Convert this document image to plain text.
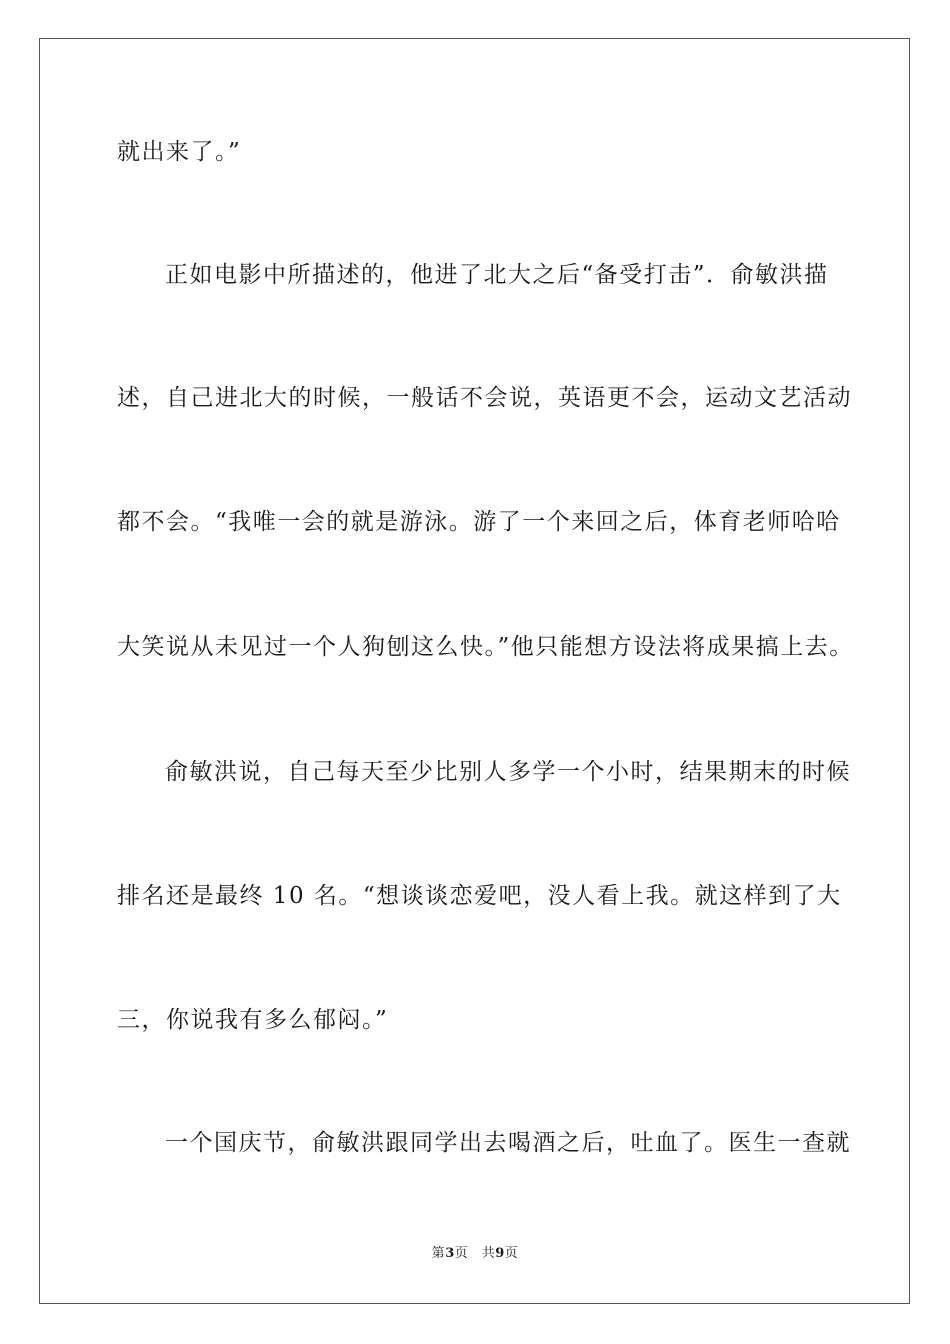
就出来了。”
正如电影中所描述的，他进了北大之后“备受打击”．俞敏洪描
述，自己进北大的时候，一般话不会说，英语更不会，运动文艺活动
都不会。“我唯一会的就是游泳。游了一个来回之后，体育老师哈哈
大笑说从未见过一个人狗刨这么快。”他只能想方设法将成果搞上去。
俞敏洪说，自己每天至少比别人多学一个小时，结果期末的时候
排名还是最终 10 名。“想谈谈恋爱吧，没人看上我。就这样到了大
三，你说我有多么郁闷。”
一个国庆节，俞敏洪跟同学出去喝酒之后，吐血了。医生一查就
第3页　共9页
